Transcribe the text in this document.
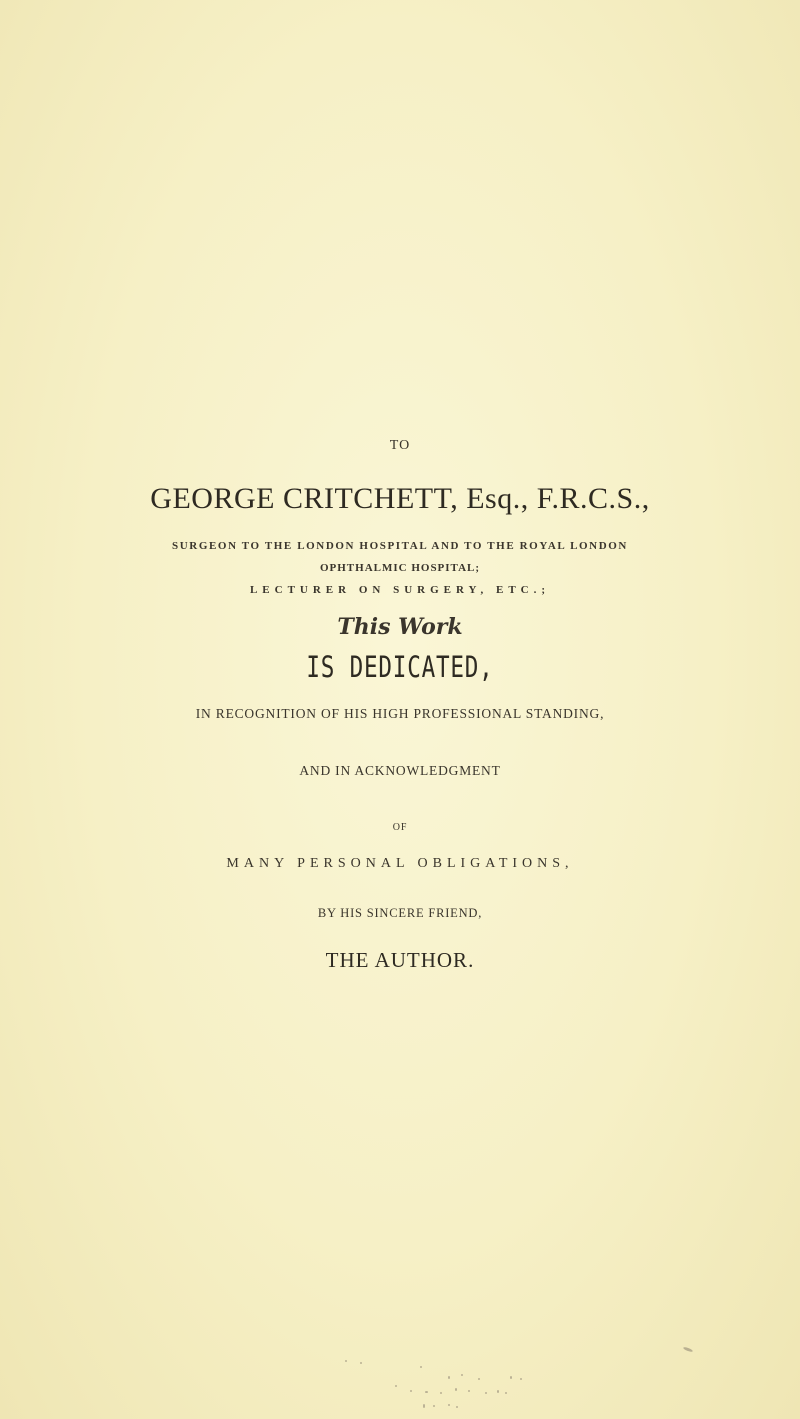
TO
GEORGE CRITCHETT, Esq., F.R.C.S.,
SURGEON TO THE LONDON HOSPITAL AND TO THE ROYAL LONDON
OPHTHALMIC HOSPITAL;
LECTURER ON SURGERY, ETC.;
This Work
IS DEDICATED,
IN RECOGNITION OF HIS HIGH PROFESSIONAL STANDING,
AND IN ACKNOWLEDGMENT
OF
MANY PERSONAL OBLIGATIONS,
BY HIS SINCERE FRIEND,
THE AUTHOR.
